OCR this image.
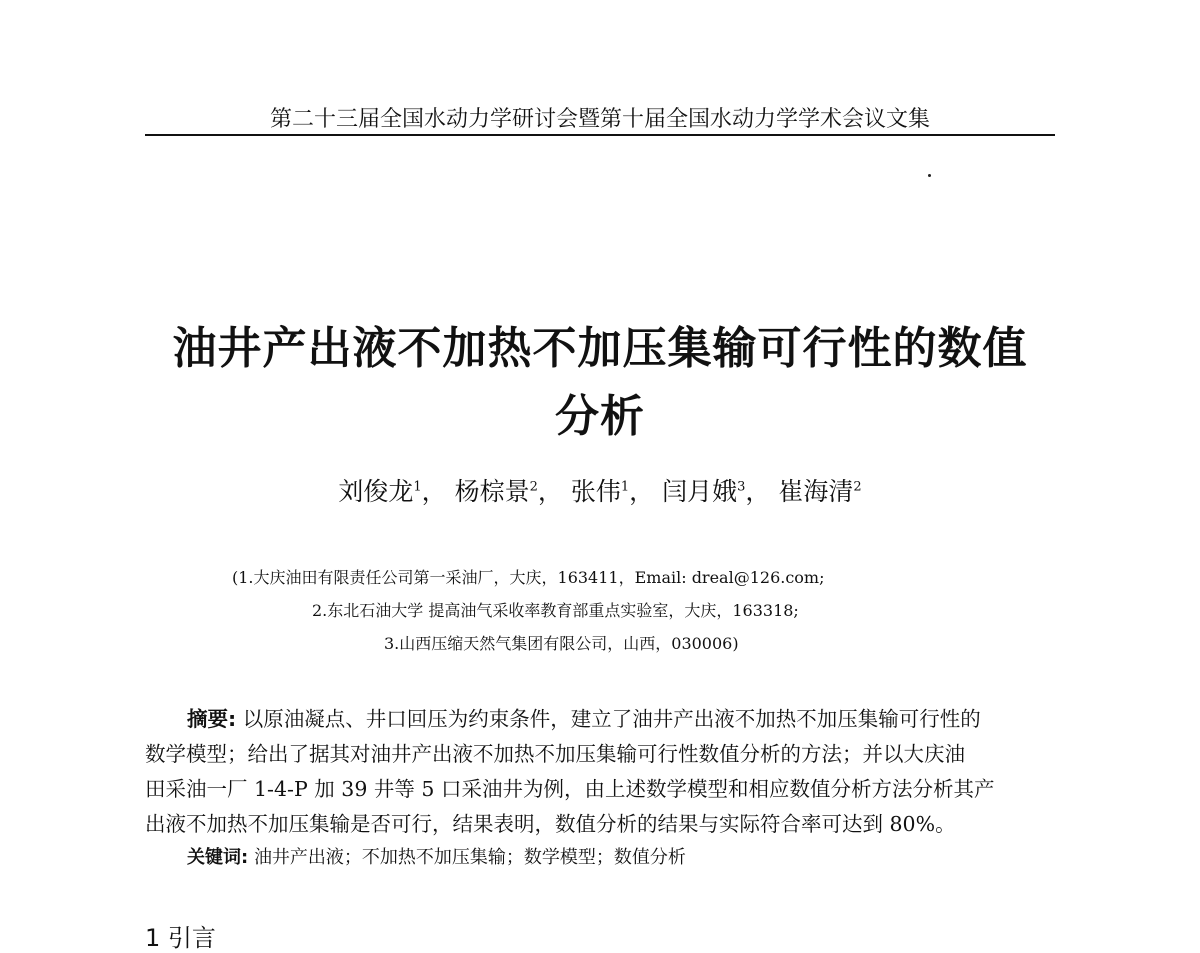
第二十三届全国水动力学研讨会暨第十届全国水动力学学术会议文集
油井产出液不加热不加压集输可行性的数值
分析
刘俊龙$^1$， 杨棕景$^2$， 张伟$^1$， 闫月娥$^3$， 崔海清$^2$
(1.大庆油田有限责任公司第一采油厂，大庆，163411，Email: dreal@126.com;
2.东北石油大学 提高油气采收率教育部重点实验室，大庆，163318;
3.山西压缩天然气集团有限公司，山西，030006)
摘要: 以原油凝点、井口回压为约束条件，建立了油井产出液不加热不加压集输可行性的
数学模型；给出了据其对油井产出液不加热不加压集输可行性数值分析的方法；并以大庆油
田采油一厂 1-4-P 加 39 井等 5 口采油井为例，由上述数学模型和相应数值分析方法分析其产
出液不加热不加压集输是否可行，结果表明，数值分析的结果与实际符合率可达到 80%。
关键词: 油井产出液；不加热不加压集输；数学模型；数值分析
1 引言
